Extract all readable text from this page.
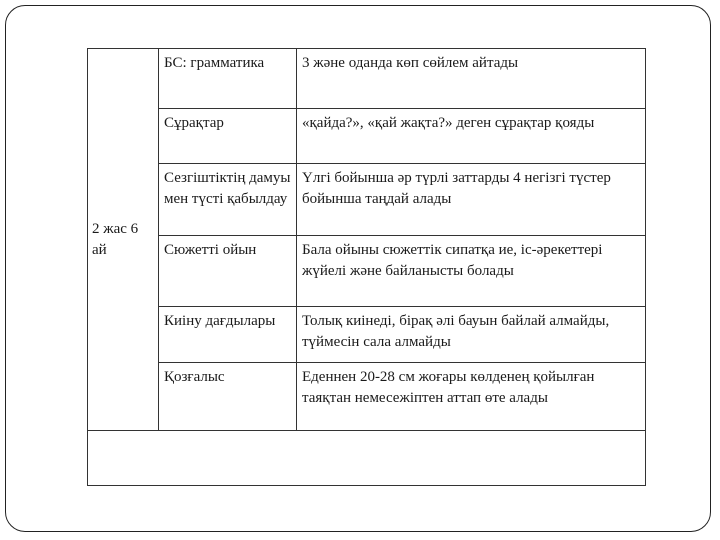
2 жас 6 ай	БС: грамматика	3 және оданда көп сөйлем айтады

	Сұрақтар	«қайда?», «қай жақта?» деген сұрақтар қояды

	Сезгіштіктің дамуы мен түсті қабылдау	Үлгі бойынша әр түрлі заттарды 4 негізгі түстер бойынша таңдай алады

	Сюжетті ойын	Бала ойыны сюжеттік сипатқа ие, іс-әрекеттері жүйелі және байланысты болады

	Киіну дағдылары	Толық киінеді, бірақ әлі бауын байлай алмайды, түймесін сала алмайды

	Қозғалыс	Еденнен 20-28 см жоғары көлденең қойылған таяқтан немесежіптен аттап өте алады
